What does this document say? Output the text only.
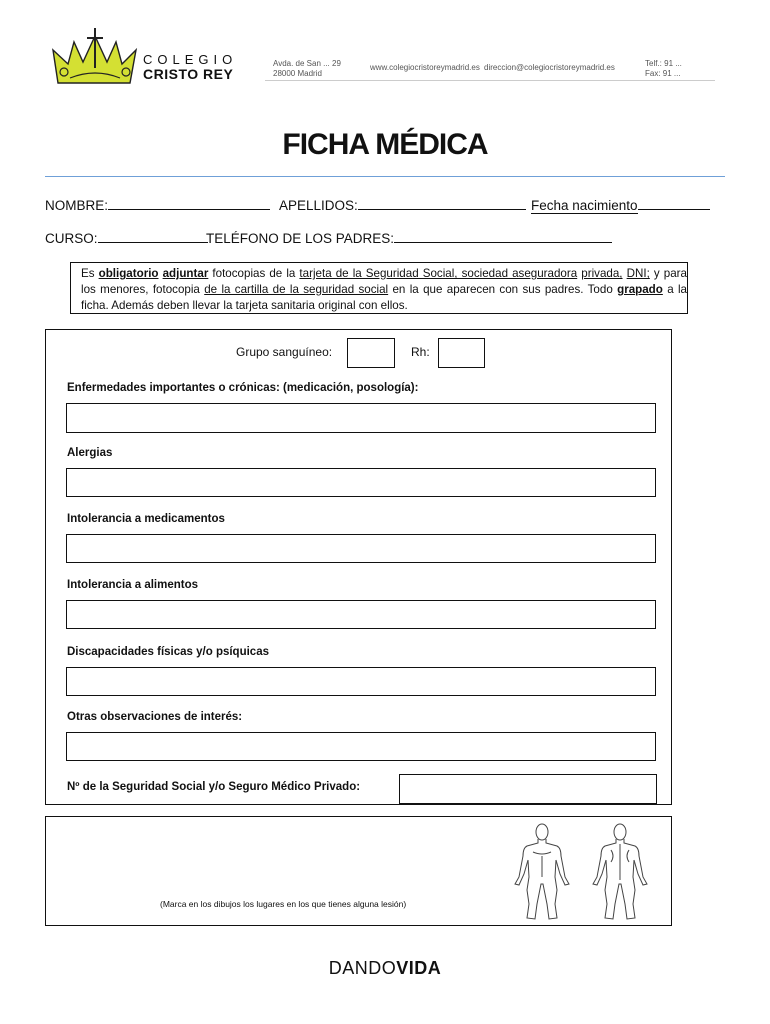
COLEGIO
CRISTO REY
Avda. de San ... 29
28000 Madrid
www.colegiocristoreymadrid.es direccion@colegiocristoreymadrid.es	Telf.: 91 ...
Fax: 91 ...
FICHA MÉDICA
NOMBRE:	APELLIDOS:	Fecha nacimiento
CURSO:	TELÉFONO DE LOS PADRES:
Es obligatorio adjuntar fotocopias de la tarjeta de la Seguridad Social, sociedad aseguradora privada, DNI; y para los menores, fotocopia de la cartilla de la seguridad social en la que aparecen con sus padres. Todo grapado a la ficha. Además deben llevar la tarjeta sanitaria original con ellos.
Grupo sanguíneo:	Rh:
Enfermedades importantes o crónicas: (medicación, posología):
Alergias
Intolerancia a medicamentos
Intolerancia a alimentos
Discapacidades físicas y/o psíquicas
Otras observaciones de interés:
Nº de la Seguridad Social y/o Seguro Médico Privado:
(Marca en los dibujos los lugares en los que tienes alguna lesión)
DANDOVIDA
